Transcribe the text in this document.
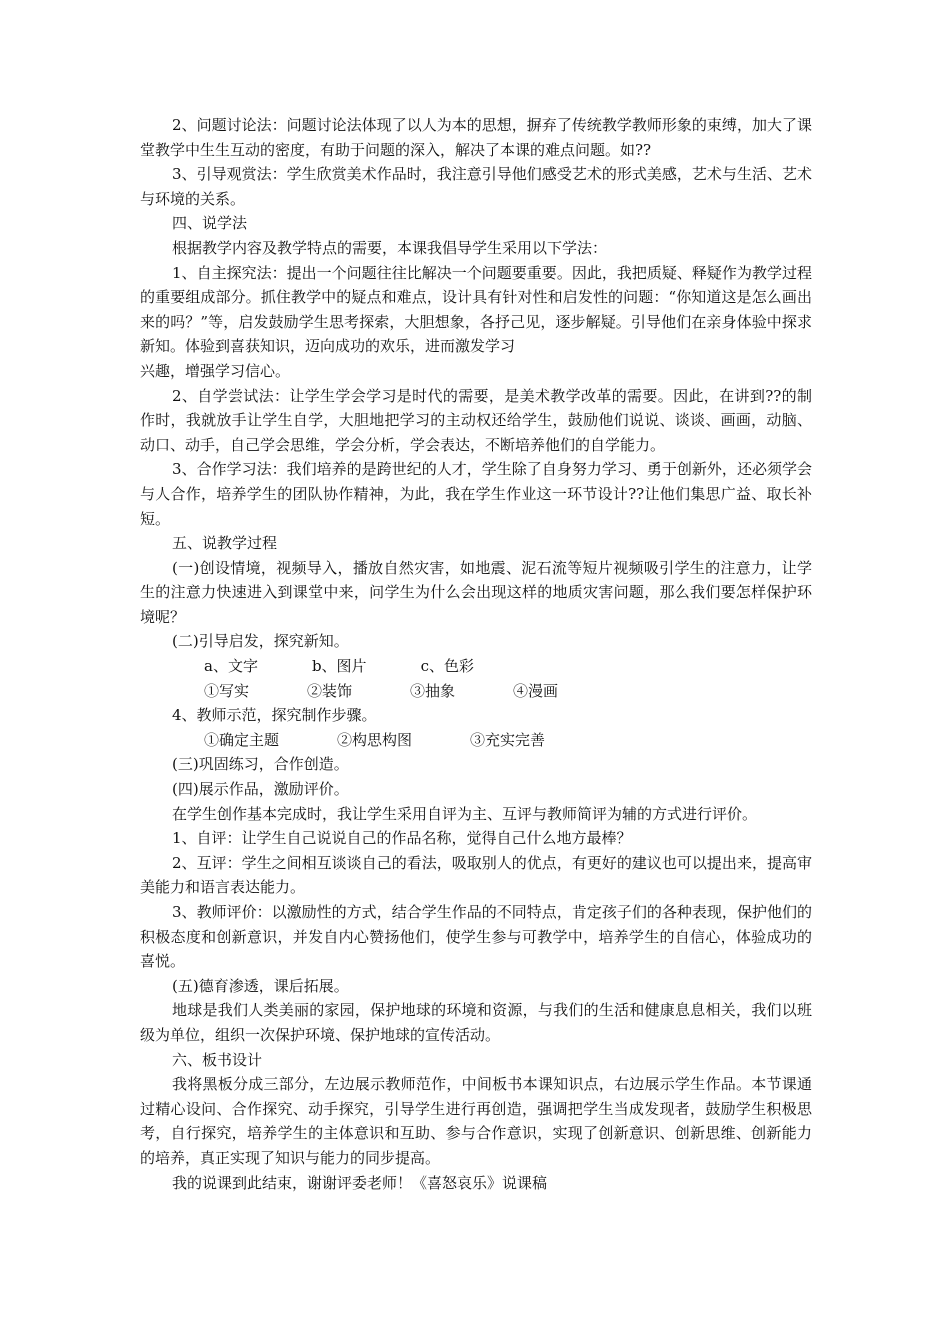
2、问题讨论法：问题讨论法体现了以人为本的思想，摒弃了传统教学教师形象的束缚，加大了课堂教学中生生互动的密度，有助于问题的深入，解决了本课的难点问题。如??

3、引导观赏法：学生欣赏美术作品时，我注意引导他们感受艺术的形式美感，艺术与生活、艺术与环境的关系。

四、说学法

根据教学内容及教学特点的需要，本课我倡导学生采用以下学法：

1、自主探究法：提出一个问题往往比解决一个问题要重要。因此，我把质疑、释疑作为教学过程的重要组成部分。抓住教学中的疑点和难点，设计具有针对性和启发性的问题：“你知道这是怎么画出来的吗？”等，启发鼓励学生思考探索，大胆想象，各抒己见，逐步解疑。引导他们在亲身体验中探求新知。体验到喜获知识，迈向成功的欢乐，进而激发学习

兴趣，增强学习信心。

2、自学尝试法：让学生学会学习是时代的需要，是美术教学改革的需要。因此，在讲到??的制作时，我就放手让学生自学，大胆地把学习的主动权还给学生，鼓励他们说说、谈谈、画画，动脑、动口、动手，自己学会思维，学会分析，学会表达，不断培养他们的自学能力。

3、合作学习法：我们培养的是跨世纪的人才，学生除了自身努力学习、勇于创新外，还必须学会与人合作，培养学生的团队协作精神，为此，我在学生作业这一环节设计??让他们集思广益、取长补短。

五、说教学过程

(一)创设情境，视频导入，播放自然灾害，如地震、泥石流等短片视频吸引学生的注意力，让学生的注意力快速进入到课堂中来，问学生为什么会出现这样的地质灾害问题，那么我们要怎样保护环境呢？

(二)引导启发，探究新知。

a、文字	b、图片	c、色彩

①写实	②装饰	③抽象	④漫画

4、教师示范，探究制作步骤。

①确定主题	②构思构图	③充实完善

(三)巩固练习，合作创造。

(四)展示作品，激励评价。

在学生创作基本完成时，我让学生采用自评为主、互评与教师简评为辅的方式进行评价。

1、自评：让学生自己说说自己的作品名称，觉得自己什么地方最棒？

2、互评：学生之间相互谈谈自己的看法，吸取别人的优点，有更好的建议也可以提出来，提高审美能力和语言表达能力。

3、教师评价：以激励性的方式，结合学生作品的不同特点，肯定孩子们的各种表现，保护他们的积极态度和创新意识，并发自内心赞扬他们，使学生参与可教学中，培养学生的自信心，体验成功的喜悦。

(五)德育渗透，课后拓展。

地球是我们人类美丽的家园，保护地球的环境和资源，与我们的生活和健康息息相关，我们以班级为单位，组织一次保护环境、保护地球的宣传活动。

六、板书设计

我将黑板分成三部分，左边展示教师范作，中间板书本课知识点，右边展示学生作品。本节课通过精心设问、合作探究、动手探究，引导学生进行再创造，强调把学生当成发现者，鼓励学生积极思考，自行探究，培养学生的主体意识和互助、参与合作意识，实现了创新意识、创新思维、创新能力的培养，真正实现了知识与能力的同步提高。

我的说课到此结束，谢谢评委老师！《喜怒哀乐》说课稿
